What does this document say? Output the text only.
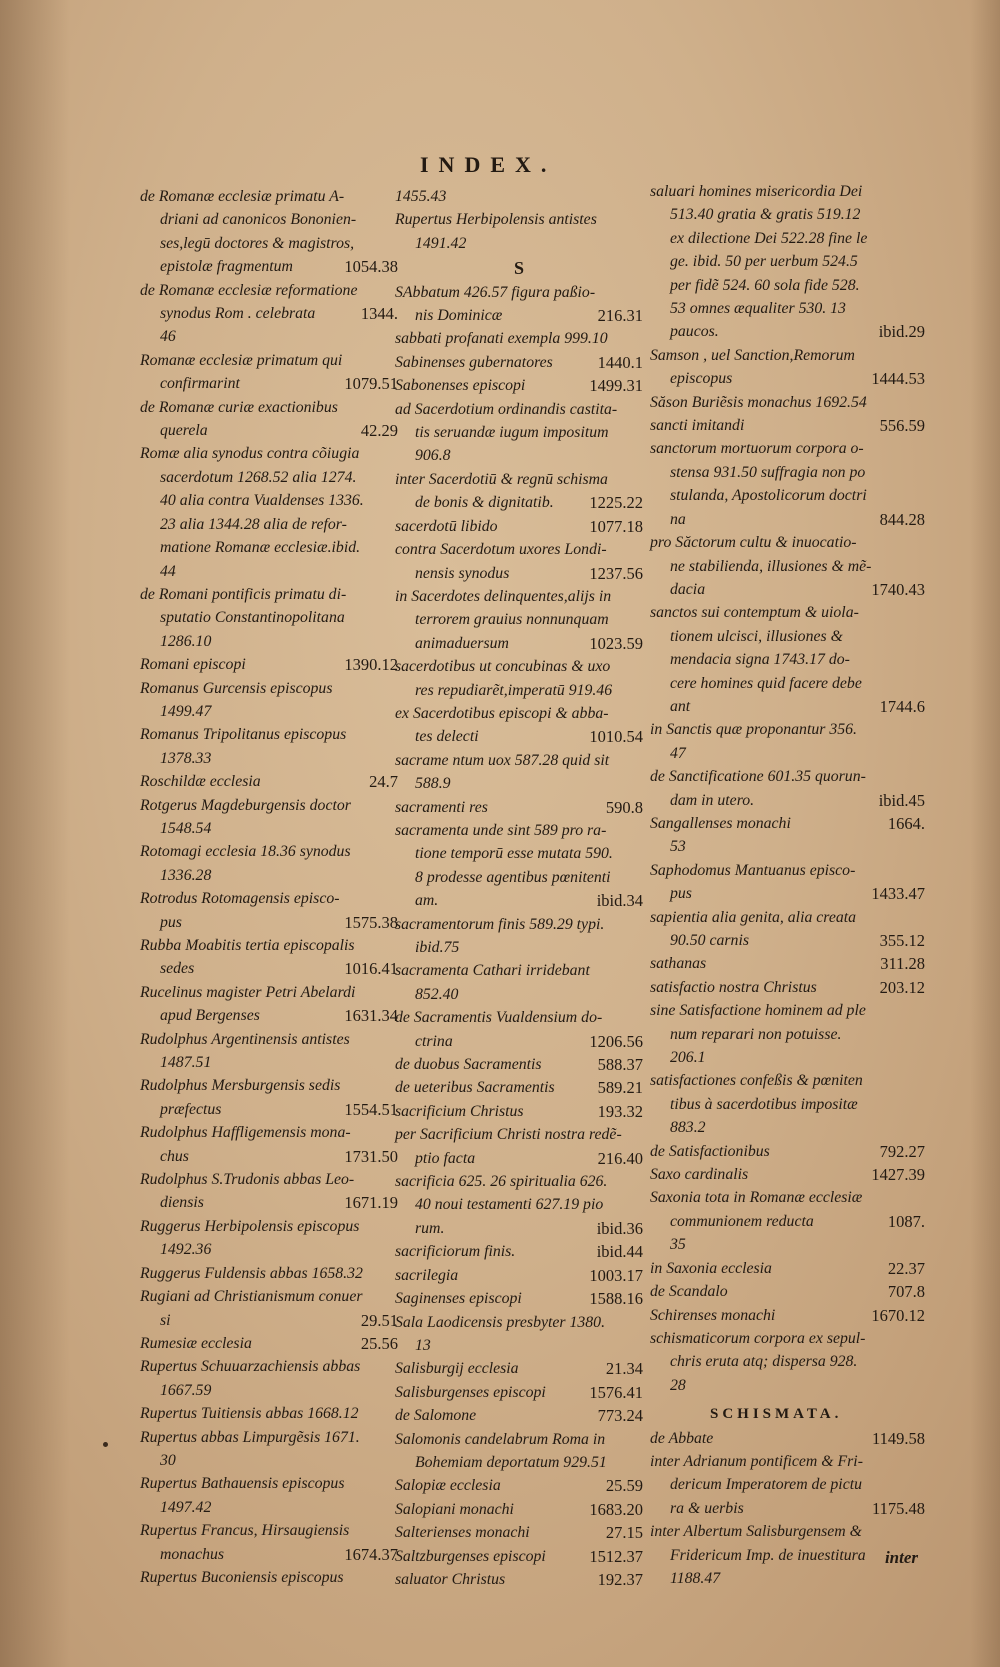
INDEX.
de Romanæ ecclesiæ primatu A-
driani ad canonicos Bononien-
ses,legū doctores & magistros,
1054.38
epistolæ fragmentum
de Romanæ ecclesiæ reformatione
1344.
synodus Rom . celebrata
46
Romanæ ecclesiæ primatum qui
1079.51
confirmarint
de Romanæ curiæ exactionibus
42.29
querela
Romæ alia synodus contra cõiugia
sacerdotum 1268.52 alia 1274.
40 alia contra Vualdenses 1336.
23 alia 1344.28 alia de refor-
matione Romanæ ecclesiæ.ibid.
44
de Romani pontificis primatu di-
sputatio Constantinopolitana
1286.10
1390.12
Romani episcopi
Romanus Gurcensis episcopus
1499.47
Romanus Tripolitanus episcopus
1378.33
24.7
Roschildæ ecclesia
Rotgerus Magdeburgensis doctor
1548.54
Rotomagi ecclesia 18.36 synodus
1336.28
Rotrodus Rotomagensis episco-
1575.38
pus
Rubba Moabitis tertia episcopalis
1016.41
sedes
Rucelinus magister Petri Abelardi
1631.34
apud Bergenses
Rudolphus Argentinensis antistes
1487.51
Rudolphus Mersburgensis sedis
1554.51
præfectus
Rudolphus Haffligemensis mona-
1731.50
chus
Rudolphus S.Trudonis abbas Leo-
1671.19
diensis
Ruggerus Herbipolensis episcopus
1492.36
Ruggerus Fuldensis abbas 1658.32
Rugiani ad Christianismum conuer
29.51
si
25.56
Rumesiæ ecclesia
Rupertus Schuuarzachiensis abbas
1667.59
Rupertus Tuitiensis abbas 1668.12
Rupertus abbas Limpurgẽsis 1671.
30
Rupertus Bathauensis episcopus
1497.42
Rupertus Francus, Hirsaugiensis
1674.37
monachus
Rupertus Buconiensis episcopus
1455.43
Rupertus Herbipolensis antistes
1491.42
S
SAbbatum 426.57 figura paßio-
216.31
nis Dominicæ
sabbati profanati exempla 999.10
1440.1
Sabinenses gubernatores
1499.31
Sabonenses episcopi
ad Sacerdotium ordinandis castita-
tis seruandæ iugum impositum
906.8
inter Sacerdotiū & regnū schisma
1225.22
de bonis & dignitatib.
1077.18
sacerdotū libido
contra Sacerdotum uxores Londi-
1237.56
nensis synodus
in Sacerdotes delinquentes,alijs in
terrorem grauius nonnunquam
1023.59
animaduersum
sacerdotibus ut concubinas & uxo
res repudiarẽt,imperatū 919.46
ex Sacerdotibus episcopi & abba-
1010.54
tes delecti
sacrame ntum uox 587.28 quid sit
588.9
590.8
sacramenti res
sacramenta unde sint 589 pro ra-
tione temporū esse mutata 590.
8 prodesse agentibus pœnitenti
ibid.34
am.
sacramentorum finis 589.29 typi.
ibid.75
sacramenta Cathari irridebant
852.40
de Sacramentis Vualdensium do-
1206.56
ctrina
588.37
de duobus Sacramentis
589.21
de ueteribus Sacramentis
193.32
sacrificium Christus
per Sacrificium Christi nostra redẽ-
216.40
ptio facta
sacrificia 625. 26 spiritualia 626.
40 noui testamenti 627.19 pio
ibid.36
rum.
ibid.44
sacrificiorum finis.
1003.17
sacrilegia
1588.16
Saginenses episcopi
Sala Laodicensis presbyter 1380.
13
21.34
Salisburgij ecclesia
1576.41
Salisburgenses episcopi
773.24
de Salomone
Salomonis candelabrum Roma in
Bohemiam deportatum 929.51
25.59
Salopiæ ecclesia
1683.20
Salopiani monachi
27.15
Salterienses monachi
1512.37
Saltzburgenses episcopi
192.37
saluator Christus
saluari homines misericordia Dei
513.40 gratia & gratis 519.12
ex dilectione Dei 522.28 fine le
ge. ibid. 50 per uerbum 524.5
per fidẽ 524. 60 sola fide 528.
53 omnes æqualiter 530. 13
ibid.29
paucos.
Samson , uel Sanction,Remorum
1444.53
episcopus
Săson Buriẽsis monachus 1692.54
556.59
sancti imitandi
sanctorum mortuorum corpora o-
stensa 931.50 suffragia non po
stulanda, Apostolicorum doctri
844.28
na
pro Săctorum cultu & inuocatio-
ne stabilienda, illusiones & mẽ-
1740.43
dacia
sanctos sui contemptum & uiola-
tionem ulcisci, illusiones &
mendacia signa 1743.17 do-
cere homines quid facere debe
1744.6
ant
in Sanctis quæ proponantur 356.
47
de Sanctificatione 601.35 quorun-
ibid.45
dam in utero.
1664.
Sangallenses monachi
53
Saphodomus Mantuanus episco-
1433.47
pus
sapientia alia genita, alia creata
355.12
90.50 carnis
311.28
sathanas
203.12
satisfactio nostra Christus
sine Satisfactione hominem ad ple
num reparari non potuisse.
206.1
satisfactiones confeßis & pœniten
tibus à sacerdotibus impositæ
883.2
792.27
de Satisfactionibus
1427.39
Saxo cardinalis
Saxonia tota in Romanæ ecclesiæ
1087.
communionem reducta
35
22.37
in Saxonia ecclesia
707.8
de Scandalo
1670.12
Schirenses monachi
schismaticorum corpora ex sepul-
chris eruta atq; dispersa 928.
28
SCHISMATA.
1149.58
de Abbate
inter Adrianum pontificem & Fri-
dericum Imperatorem de pictu
1175.48
ra & uerbis
inter Albertum Salisburgensem &
Fridericum Imp. de inuestitura
1188.47
inter
